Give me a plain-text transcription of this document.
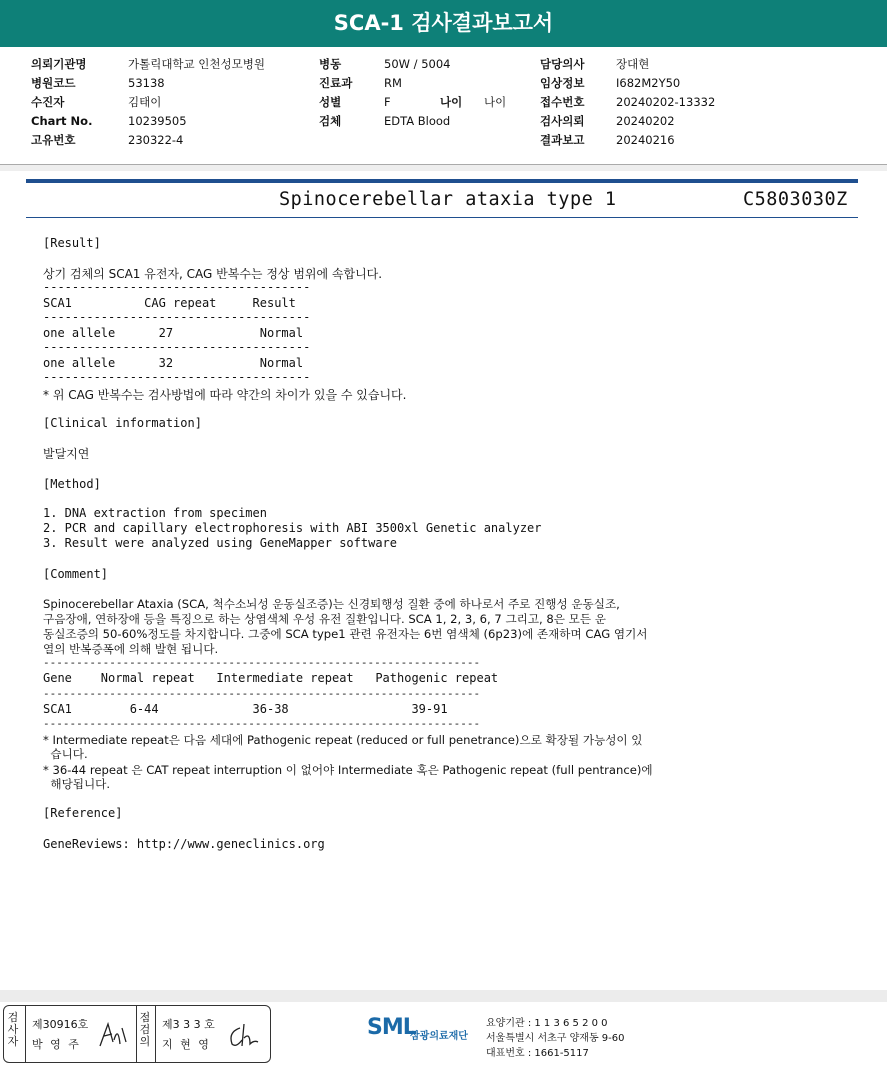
SCA-1 검사결과보고서
의뢰기관명	가톨릭대학교 인천성모병원
병원코드	53138
수진자	김태이
Chart No.	10239505
고유번호	230322-4
병동	50W / 5004
진료과	RM
성별	F	나이 나이
검체	EDTA Blood
담당의사	장대현
임상정보	I682M2Y50
접수번호	20240202-13332
검사의뢰	20240202
결과보고	20240216
Spinocerebellar ataxia type 1	C5803030Z
[Result]
상기 검체의 SCA1 유전자, CAG 반복수는 정상 범위에 속합니다.
-------------------------------------
SCA1          CAG repeat     Result
-------------------------------------
one allele      27            Normal
-------------------------------------
one allele      32            Normal
-------------------------------------
* 위 CAG 반복수는 검사방법에 따라 약간의 차이가 있을 수 있습니다.
[Clinical information]
발달지연
[Method]
1. DNA extraction from specimen
2. PCR and capillary electrophoresis with ABI 3500xl Genetic analyzer
3. Result were analyzed using GeneMapper software
[Comment]
Spinocerebellar Ataxia (SCA, 척수소뇌성 운동실조증)는 신경퇴행성 질환 중에 하나로서 주로 진행성 운동실조,
구음장애, 연하장애 등을 특징으로 하는 상염색체 우성 유전 질환입니다. SCA 1, 2, 3, 6, 7 그리고, 8은 모든 운
동실조증의 50-60%정도를 차지합니다. 그중에 SCA type1 관련 유전자는 6번 염색체 (6p23)에 존재하며 CAG 염기서
열의 반복증폭에 의해 발현 됩니다.
------------------------------------------------------------------
Gene    Normal repeat   Intermediate repeat   Pathogenic repeat
------------------------------------------------------------------
SCA1        6-44             36-38                 39-91
------------------------------------------------------------------
* Intermediate repeat은 다음 세대에 Pathogenic repeat (reduced or full penetrance)으로 확장될 가능성이 있
습니다.
* 36-44 repeat 은 CAT repeat interruption 이 없어야 Intermediate 혹은 Pathogenic repeat (full pentrance)에
해당됩니다.
[Reference]
GeneReviews: http://www.geneclinics.org
검
사
자
제30916호
박 영 주
점
검
의
제3 3 3 호
지 현 영
SML
삼광의료재단
요양기관 : 1 1 3 6 5 2 0 0
서울특별시 서초구 양재동 9-60
대표번호 : 1661-5117
